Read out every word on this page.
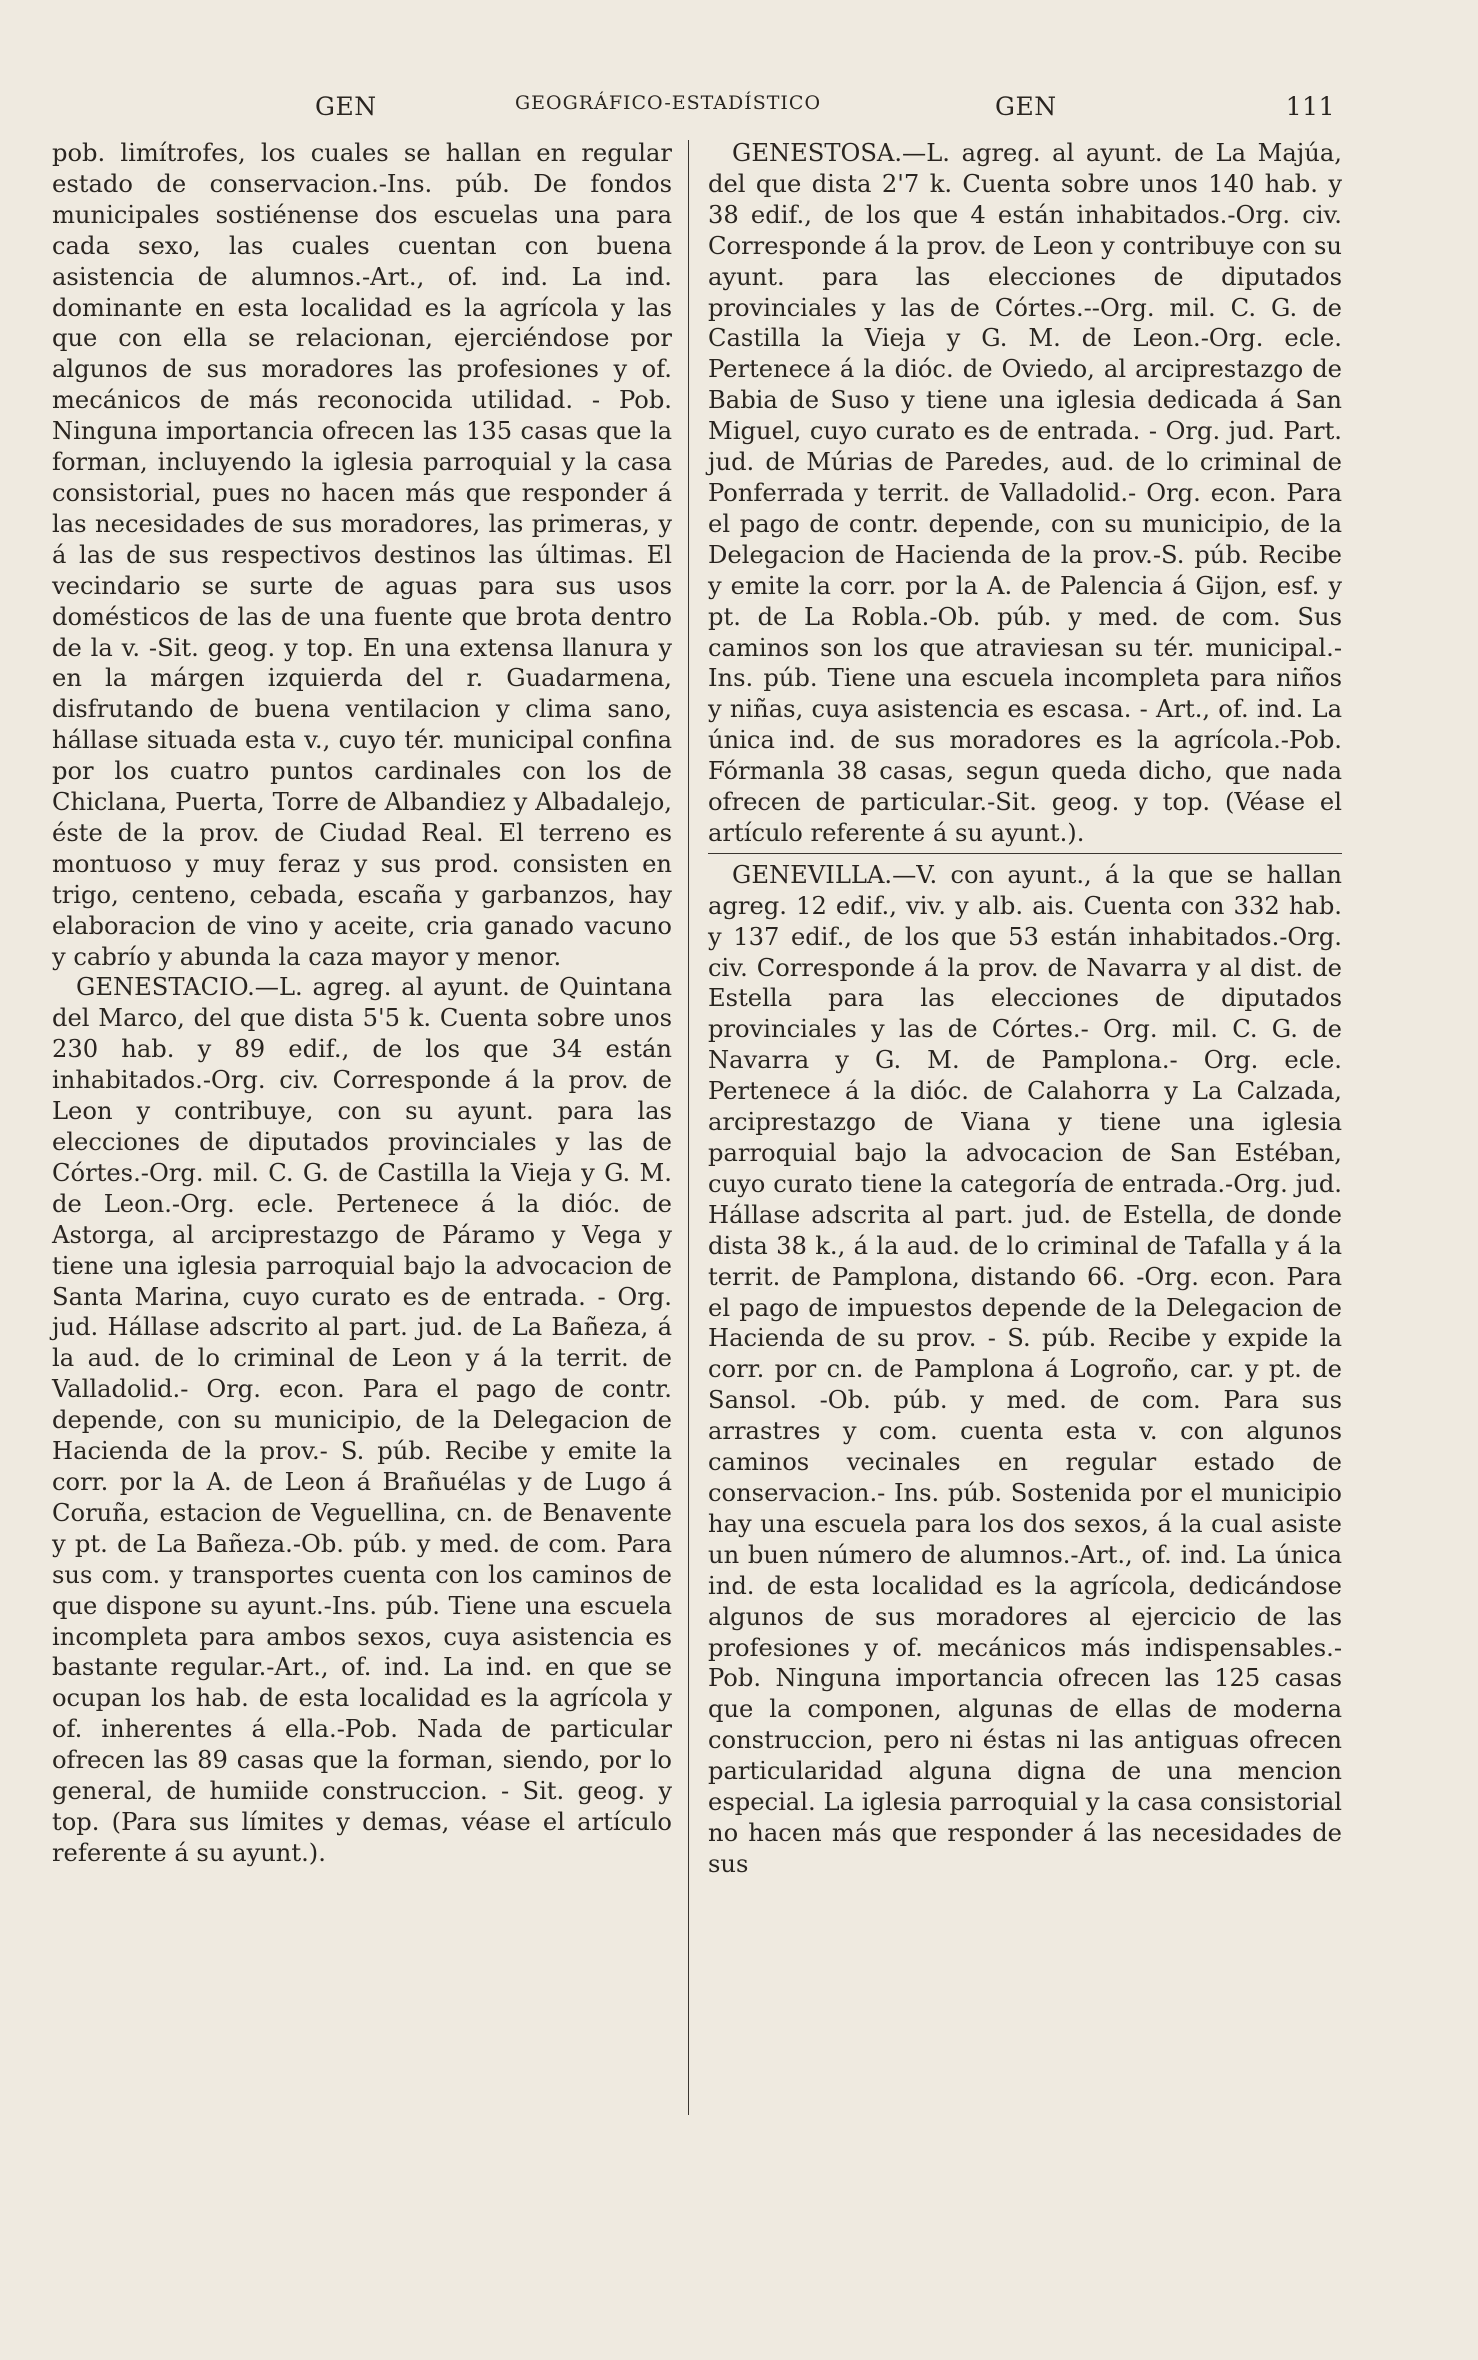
GEN	GEOGRÁFICO-ESTADÍSTICO	GEN	111

pob. limítrofes, los cuales se hallan en regular estado de conservacion.-Ins. púb. De fondos municipales sostiénense dos escuelas una para cada sexo, las cuales cuentan con buena asistencia de alumnos.-Art., of. ind. La ind. dominante en esta localidad es la agrícola y las que con ella se relacionan, ejerciéndose por algunos de sus moradores las profesiones y of. mecánicos de más reconocida utilidad. - Pob. Ninguna importancia ofrecen las 135 casas que la forman, incluyendo la iglesia parroquial y la casa consistorial, pues no hacen más que responder á las necesidades de sus moradores, las primeras, y á las de sus respectivos destinos las últimas. El vecindario se surte de aguas para sus usos domésticos de las de una fuente que brota dentro de la v. -Sit. geog. y top. En una extensa llanura y en la márgen izquierda del r. Guadarmena, disfrutando de buena ventilacion y clima sano, hállase situada esta v., cuyo tér. municipal confina por los cuatro puntos cardinales con los de Chiclana, Puerta, Torre de Albandiez y Albadalejo, éste de la prov. de Ciudad Real. El terreno es montuoso y muy feraz y sus prod. consisten en trigo, centeno, cebada, escaña y garbanzos, hay elaboracion de vino y aceite, cria ganado vacuno y cabrío y abunda la caza mayor y menor.

GENESTACIO.—L. agreg. al ayunt. de Quintana del Marco, del que dista 5'5 k. Cuenta sobre unos 230 hab. y 89 edif., de los que 34 están inhabitados.-Org. civ. Corresponde á la prov. de Leon y contribuye, con su ayunt. para las elecciones de diputados provinciales y las de Córtes.-Org. mil. C. G. de Castilla la Vieja y G. M. de Leon.-Org. ecle. Pertenece á la dióc. de Astorga, al arciprestazgo de Páramo y Vega y tiene una iglesia parroquial bajo la advocacion de Santa Marina, cuyo curato es de entrada. - Org. jud. Hállase adscrito al part. jud. de La Bañeza, á la aud. de lo criminal de Leon y á la territ. de Valladolid.- Org. econ. Para el pago de contr. depende, con su municipio, de la Delegacion de Hacienda de la prov.- S. púb. Recibe y emite la corr. por la A. de Leon á Brañuélas y de Lugo á Coruña, estacion de Veguellina, cn. de Benavente y pt. de La Bañeza.-Ob. púb. y med. de com. Para sus com. y transportes cuenta con los caminos de que dispone su ayunt.-Ins. púb. Tiene una escuela incompleta para ambos sexos, cuya asistencia es bastante regular.-Art., of. ind. La ind. en que se ocupan los hab. de esta localidad es la agrícola y of. inherentes á ella.-Pob. Nada de particular ofrecen las 89 casas que la forman, siendo, por lo general, de humiide construccion. - Sit. geog. y top. (Para sus límites y demas, véase el artículo referente á su ayunt.).

GENESTOSA.—L. agreg. al ayunt. de La Majúa, del que dista 2'7 k. Cuenta sobre unos 140 hab. y 38 edif., de los que 4 están inhabitados.-Org. civ. Corresponde á la prov. de Leon y contribuye con su ayunt. para las elecciones de diputados provinciales y las de Córtes.--Org. mil. C. G. de Castilla la Vieja y G. M. de Leon.-Org. ecle. Pertenece á la dióc. de Oviedo, al arciprestazgo de Babia de Suso y tiene una iglesia dedicada á San Miguel, cuyo curato es de entrada. - Org. jud. Part. jud. de Múrias de Paredes, aud. de lo criminal de Ponferrada y territ. de Valladolid.- Org. econ. Para el pago de contr. depende, con su municipio, de la Delegacion de Hacienda de la prov.-S. púb. Recibe y emite la corr. por la A. de Palencia á Gijon, esf. y pt. de La Robla.-Ob. púb. y med. de com. Sus caminos son los que atraviesan su tér. municipal.- Ins. púb. Tiene una escuela incompleta para niños y niñas, cuya asistencia es escasa. - Art., of. ind. La única ind. de sus moradores es la agrícola.-Pob. Fórmanla 38 casas, segun queda dicho, que nada ofrecen de particular.-Sit. geog. y top. (Véase el artículo referente á su ayunt.).

GENEVILLA.—V. con ayunt., á la que se hallan agreg. 12 edif., viv. y alb. ais. Cuenta con 332 hab. y 137 edif., de los que 53 están inhabitados.-Org. civ. Corresponde á la prov. de Navarra y al dist. de Estella para las elecciones de diputados provinciales y las de Córtes.- Org. mil. C. G. de Navarra y G. M. de Pamplona.- Org. ecle. Pertenece á la dióc. de Calahorra y La Calzada, arciprestazgo de Viana y tiene una iglesia parroquial bajo la advocacion de San Estéban, cuyo curato tiene la categoría de entrada.-Org. jud. Hállase adscrita al part. jud. de Estella, de donde dista 38 k., á la aud. de lo criminal de Tafalla y á la territ. de Pamplona, distando 66. -Org. econ. Para el pago de impuestos depende de la Delegacion de Hacienda de su prov. - S. púb. Recibe y expide la corr. por cn. de Pamplona á Logroño, car. y pt. de Sansol. -Ob. púb. y med. de com. Para sus arrastres y com. cuenta esta v. con algunos caminos vecinales en regular estado de conservacion.- Ins. púb. Sostenida por el municipio hay una escuela para los dos sexos, á la cual asiste un buen número de alumnos.-Art., of. ind. La única ind. de esta localidad es la agrícola, dedicándose algunos de sus moradores al ejercicio de las profesiones y of. mecánicos más indispensables.-Pob. Ninguna importancia ofrecen las 125 casas que la componen, algunas de ellas de moderna construccion, pero ni éstas ni las antiguas ofrecen particularidad alguna digna de una mencion especial. La iglesia parroquial y la casa consistorial no hacen más que responder á las necesidades de sus
